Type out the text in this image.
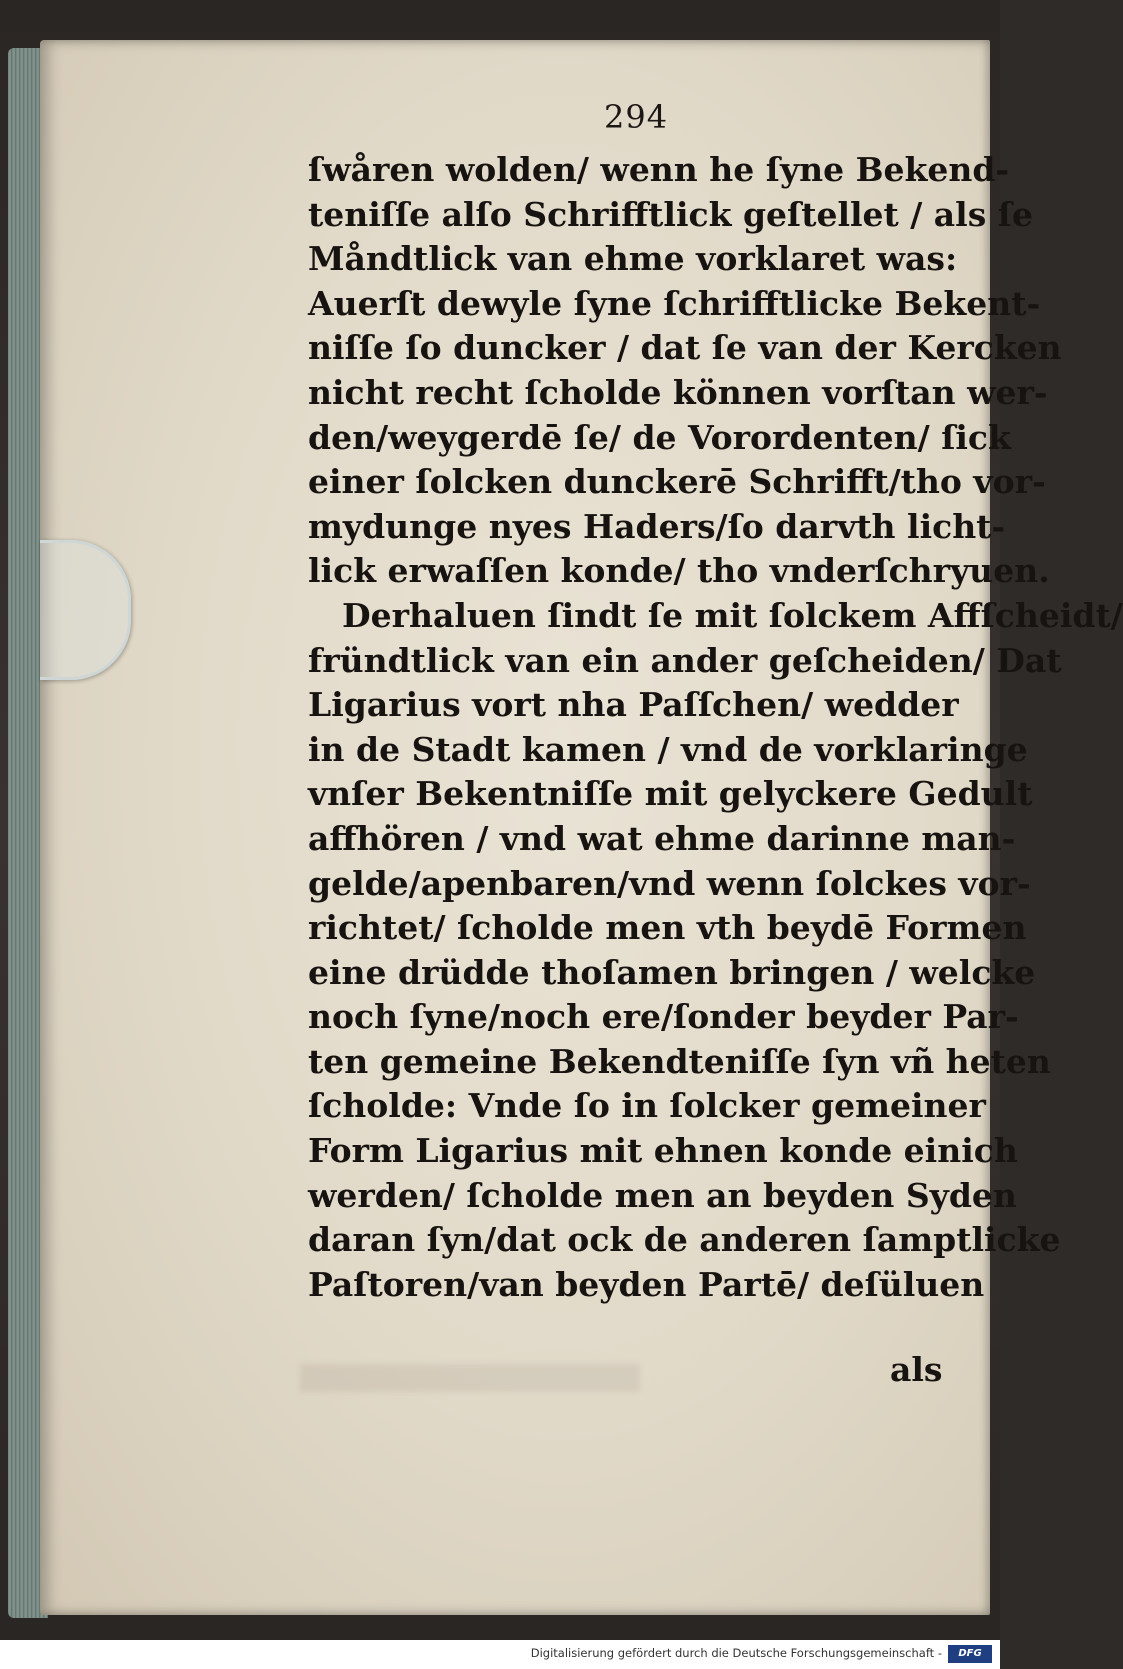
294
ſwåren wolden/ wenn he ſyne Bekend-
teniſſe alſo Schrifftlick geſtellet / als ſe
Måndtlick van ehme vorklaret was:
Auerſt dewyle ſyne ſchrifftlicke Bekent-
niſſe ſo duncker / dat ſe van der Kercken
nicht recht ſcholde können vorſtan wer-
den/weygerdē ſe/ de Vorordenten/ ſick
einer ſolcken dunckerē Schrifft/tho vor-
mydunge nyes Haders/ſo darvth licht-
lick erwaſſen konde/ tho vnderſchryuen.
Derhaluen ſindt ſe mit ſolckem Affſcheidt/
fründtlick van ein ander geſcheiden/ Dat
Ligarius vort nha Paſſchen/ wedder
in de Stadt kamen / vnd de vorklaringe
vnſer Bekentniſſe mit gelyckere Gedult
affhören / vnd wat ehme darinne man-
gelde/apenbaren/vnd wenn ſolckes vor-
richtet/ ſcholde men vth beydē Formen
eine drüdde thoſamen bringen / welcke
noch ſyne/noch ere/ſonder beyder Par-
ten gemeine Bekendteniſſe ſyn vñ heten
ſcholde: Vnde ſo in ſolcker gemeiner
Form Ligarius mit ehnen konde einich
werden/ ſcholde men an beyden Syden
daran ſyn/dat ock de anderen ſamptlicke
Paſtoren/van beyden Partē/ deſüluen
als
Digitalisierung gefördert durch die Deutsche Forschungsgemeinschaft -	DFG
